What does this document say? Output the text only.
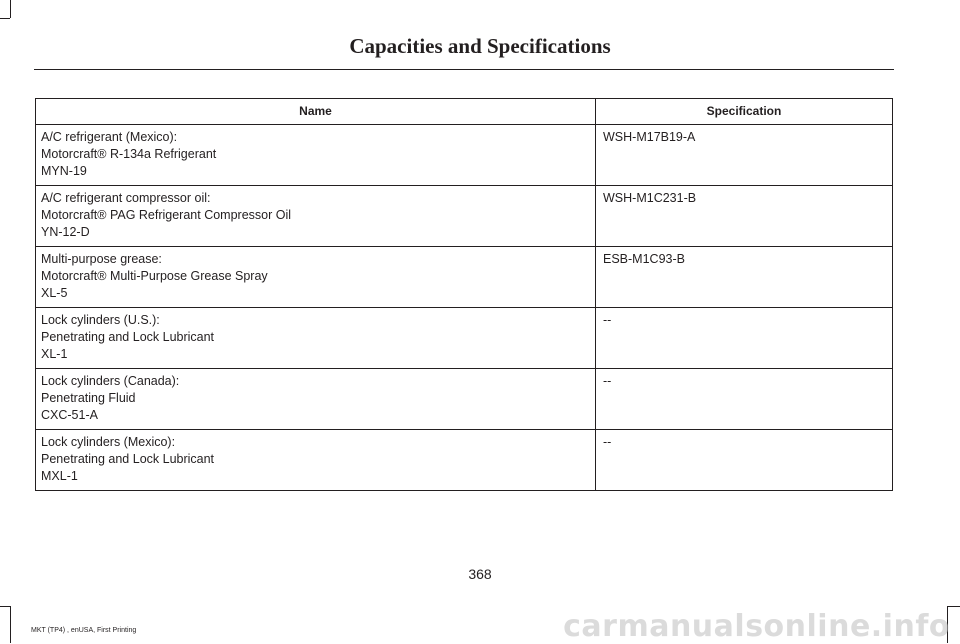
Capacities and Specifications
Name	Specification

A/C refrigerant (Mexico):
Motorcraft® R-134a Refrigerant
MYN-19	WSH-M17B19-A

A/C refrigerant compressor oil:
Motorcraft® PAG Refrigerant Compressor Oil
YN-12-D	WSH-M1C231-B

Multi-purpose grease:
Motorcraft® Multi-Purpose Grease Spray
XL-5	ESB-M1C93-B

Lock cylinders (U.S.):
Penetrating and Lock Lubricant
XL-1	--

Lock cylinders (Canada):
Penetrating Fluid
CXC-51-A	--

Lock cylinders (Mexico):
Penetrating and Lock Lubricant
MXL-1	--
368
MKT (TP4) , enUSA, First Printing	carmanualsonline.info
